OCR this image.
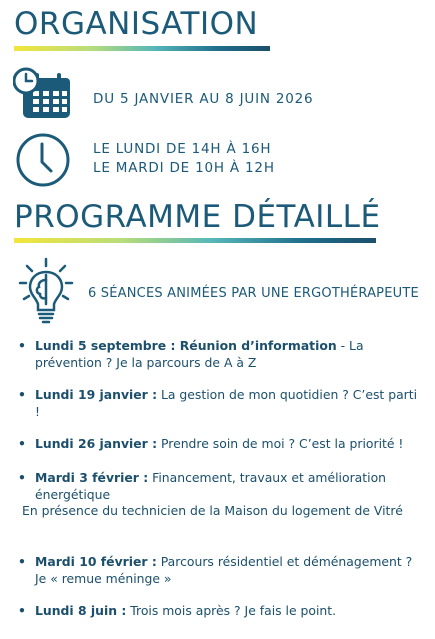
ORGANISATION
DU 5 JANVIER AU 8 JUIN 2026
LE LUNDI DE 14H À 16H
LE MARDI DE 10H À 12H
PROGRAMME DÉTAILLÉ
6 SÉANCES ANIMÉES PAR UNE ERGOTHÉRAPEUTE
• Lundi 5 septembre : Réunion d’information - La prévention ? Je la parcours de A à Z
• Lundi 19 janvier : La gestion de mon quotidien ? C’est parti !
• Lundi 26 janvier : Prendre soin de moi ? C’est la priorité !
• Mardi 3 février : Financement, travaux et amélioration énergétique
En présence du technicien de la Maison du logement de Vitré
• Mardi 10 février : Parcours résidentiel et déménagement ? Je « remue méninge »
• Lundi 8 juin : Trois mois après ? Je fais le point.
